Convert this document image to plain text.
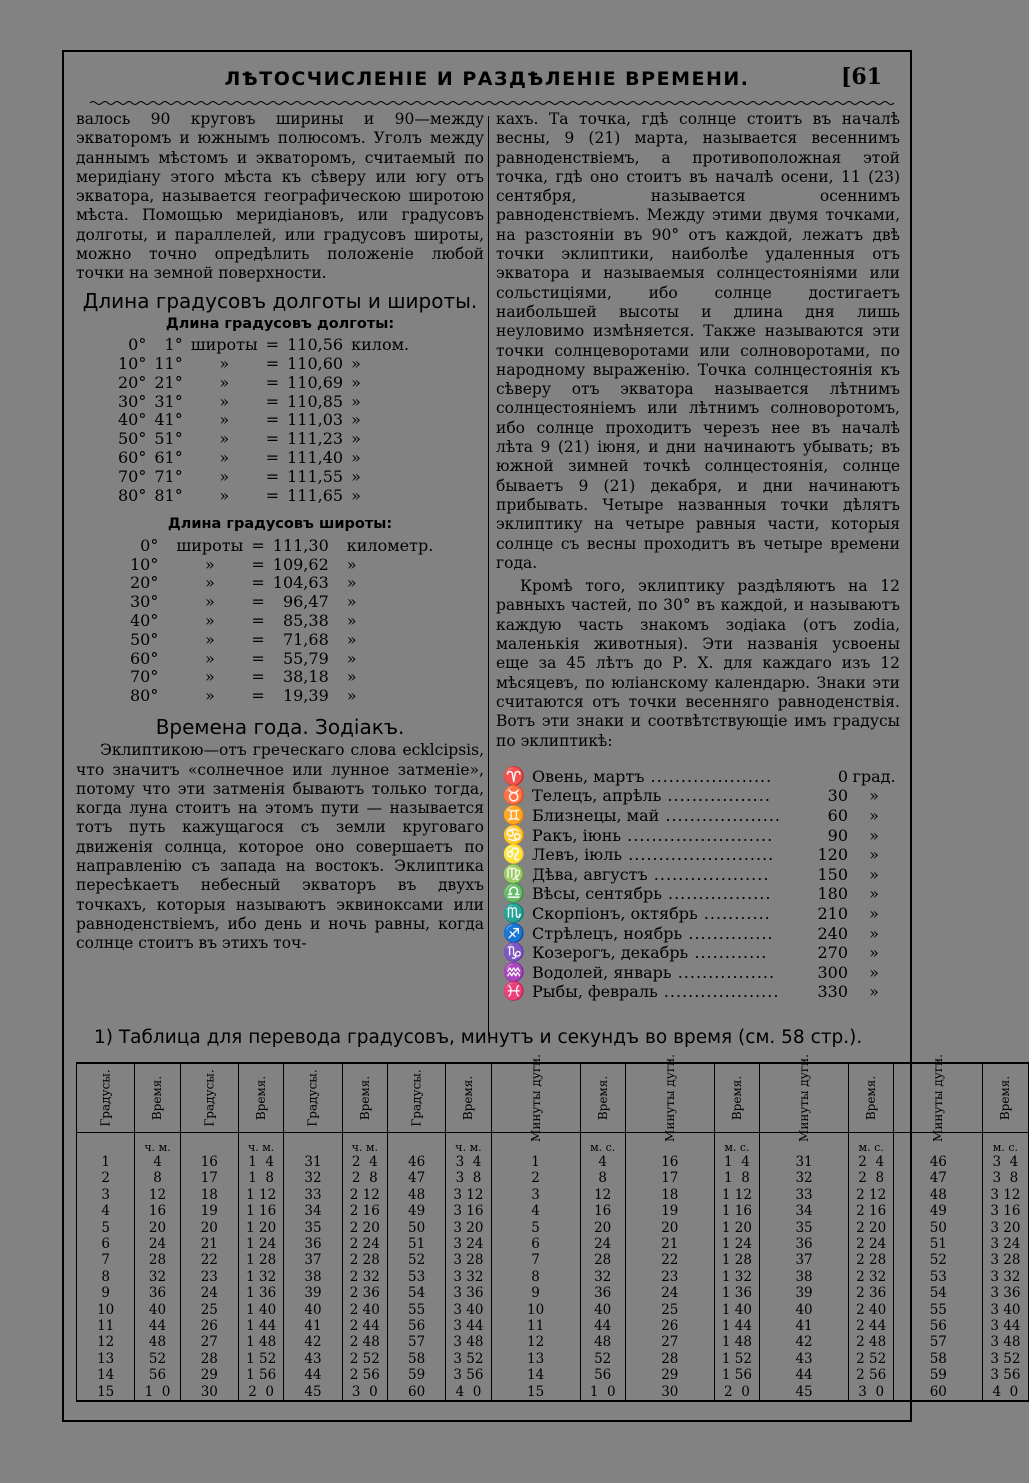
ЛѢТОСЧИСЛЕНІЕ И РАЗДѢЛЕНІЕ ВРЕМЕНИ.	[61

валось 90 круговъ ширины и 90—между экваторомъ и южнымъ полюсомъ. Уголъ между даннымъ мѣстомъ и экваторомъ, считаемый по меридіану этого мѣста къ сѣверу или югу отъ экватора, называется географическою широтою мѣста. Помощью меридіановъ, или градусовъ долготы, и параллелей, или градусовъ широты, можно точно опредѣлить положеніе любой точки на земной поверхности.

Длина градусовъ долготы и широты.
Длина градусовъ долготы:
0°	1°	широты	=	110,56	килом.
10°	11°	»	=	110,60	»
20°	21°	»	=	110,69	»
30°	31°	»	=	110,85	»
40°	41°	»	=	111,03	»
50°	51°	»	=	111,23	»
60°	61°	»	=	111,40	»
70°	71°	»	=	111,55	»
80°	81°	»	=	111,65	»
Длина градусовъ широты:
0°	широты	=	111,30	километр.
10°	»	=	109,62	»
20°	»	=	104,63	»
30°	»	=	96,47	»
40°	»	=	85,38	»
50°	»	=	71,68	»
60°	»	=	55,79	»
70°	»	=	38,18	»
80°	»	=	19,39	»
Времена года. Зодіакъ.

Эклиптикою—отъ греческаго слова ecklcipsis, что значитъ «солнечное или лунное затменіе», потому что эти затменія бываютъ только тогда, когда луна стоитъ на этомъ пути — называется тотъ путь кажущагося съ земли круговаго движенія солнца, которое оно совершаетъ по направленію съ запада на востокъ. Эклиптика пересѣкаетъ небесный экваторъ въ двухъ точкахъ, которыя называютъ эквиноксами или равноденствіемъ, ибо день и ночь равны, когда солнце стоитъ въ этихъ точ-

кахъ. Та точка, гдѣ солнце стоитъ въ началѣ весны, 9 (21) марта, называется весеннимъ равноденствіемъ, а противоположная этой точка, гдѣ оно стоитъ въ началѣ осени, 11 (23) сентября, называется осеннимъ равноденствіемъ. Между этими двумя точками, на разстояніи въ 90° отъ каждой, лежатъ двѣ точки эклиптики, наиболѣе удаленныя отъ экватора и называемыя солнцестояніями или сольстиціями, ибо солнце достигаетъ наибольшей высоты и длина дня лишь неуловимо измѣняется. Также называются эти точки солнцеворотами или солноворотами, по народному выраженію. Точка солнцестоянія къ сѣверу отъ экватора называется лѣтнимъ солнцестояніемъ или лѣтнимъ солноворотомъ, ибо солнце проходитъ черезъ нее въ началѣ лѣта 9 (21) іюня, и дни начинаютъ убывать; въ южной зимней точкѣ солнцестоянія, солнце бываетъ 9 (21) декабря, и дни начинаютъ прибывать. Четыре названныя точки дѣлятъ эклиптику на четыре равныя части, которыя солнце съ весны проходитъ въ четыре времени года.

Кромѣ того, эклиптику раздѣляютъ на 12 равныхъ частей, по 30° въ каждой, и называютъ каждую часть знакомъ зодіака (отъ zodia, маленькія животныя). Эти названія усвоены еще за 45 лѣтъ до Р. Х. для каждаго изъ 12 мѣсяцевъ, по юліанскому календарю. Знаки эти считаются отъ точки весенняго равноденствія. Вотъ эти знаки и соотвѣтствующіе имъ градусы по эклиптикѣ:

♈	Овень, мартъ ....................	0	град.
♉	Телецъ, апрѣль .................	30	»
♊	Близнецы, май ...................	60	»
♋	Ракъ, іюнь ........................	90	»
♌	Левъ, іюль ........................	120	»
♍	Дѣва, августъ ...................	150	»
♎	Вѣсы, сентябрь .................	180	»
♏	Скорпіонъ, октябрь ...........	210	»
♐	Стрѣлецъ, ноябрь ..............	240	»
♑	Козерогъ, декабрь ............	270	»
♒	Водолей, январь ................	300	»
♓	Рыбы, февраль ...................	330	»
1) Таблица для перевода градусовъ, минутъ и секундъ во время (см. 58 стр.).
Градусы.	Время.	Градусы.	Время.	Градусы.	Время.	Градусы.	Время.	Минуты дуги.	Время.	Минуты дуги.	Время.	Минуты дуги.	Время.	Минуты дуги.	Время.

	ч. м.		ч. м.		ч. м.		ч. м.		м. с.		м. с.		м. с.		м. с.
1	4	16	1  4	31	2  4	46	3  4	1	4	16	1  4	31	2  4	46	3  4
2	8	17	1  8	32	2  8	47	3  8	2	8	17	1  8	32	2  8	47	3  8
3	12	18	1 12	33	2 12	48	3 12	3	12	18	1 12	33	2 12	48	3 12
4	16	19	1 16	34	2 16	49	3 16	4	16	19	1 16	34	2 16	49	3 16
5	20	20	1 20	35	2 20	50	3 20	5	20	20	1 20	35	2 20	50	3 20
6	24	21	1 24	36	2 24	51	3 24	6	24	21	1 24	36	2 24	51	3 24
7	28	22	1 28	37	2 28	52	3 28	7	28	22	1 28	37	2 28	52	3 28
8	32	23	1 32	38	2 32	53	3 32	8	32	23	1 32	38	2 32	53	3 32
9	36	24	1 36	39	2 36	54	3 36	9	36	24	1 36	39	2 36	54	3 36
10	40	25	1 40	40	2 40	55	3 40	10	40	25	1 40	40	2 40	55	3 40
11	44	26	1 44	41	2 44	56	3 44	11	44	26	1 44	41	2 44	56	3 44
12	48	27	1 48	42	2 48	57	3 48	12	48	27	1 48	42	2 48	57	3 48
13	52	28	1 52	43	2 52	58	3 52	13	52	28	1 52	43	2 52	58	3 52
14	56	29	1 56	44	2 56	59	3 56	14	56	29	1 56	44	2 56	59	3 56
15	1  0	30	2  0	45	3  0	60	4  0	15	1  0	30	2  0	45	3  0	60	4  0
